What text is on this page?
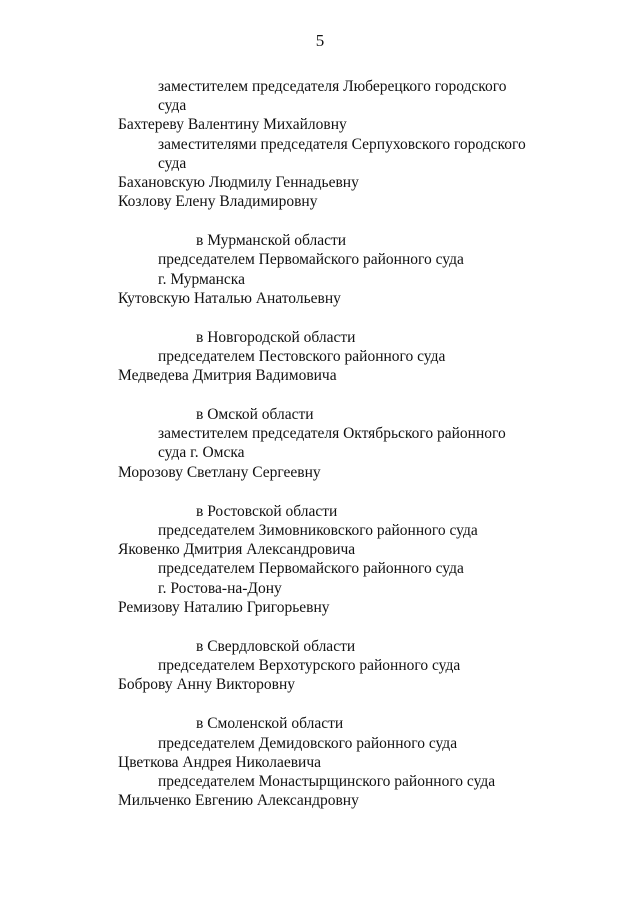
5
заместителем председателя Люберецкого городского
суда
Бахтереву Валентину Михайловну
заместителями председателя Серпуховского городского
суда
Бахановскую Людмилу Геннадьевну
Козлову Елену Владимировну
в Мурманской области
председателем Первомайского районного суда
г. Мурманска
Кутовскую Наталью Анатольевну
в Новгородской области
председателем Пестовского районного суда
Медведева Дмитрия Вадимовича
в Омской области
заместителем председателя Октябрьского районного
суда г. Омска
Морозову Светлану Сергеевну
в Ростовской области
председателем Зимовниковского районного суда
Яковенко Дмитрия Александровича
председателем Первомайского районного суда
г. Ростова-на-Дону
Ремизову Наталию Григорьевну
в Свердловской области
председателем Верхотурского районного суда
Боброву Анну Викторовну
в Смоленской области
председателем Демидовского районного суда
Цветкова Андрея Николаевича
председателем Монастырщинского районного суда
Мильченко Евгению Александровну
